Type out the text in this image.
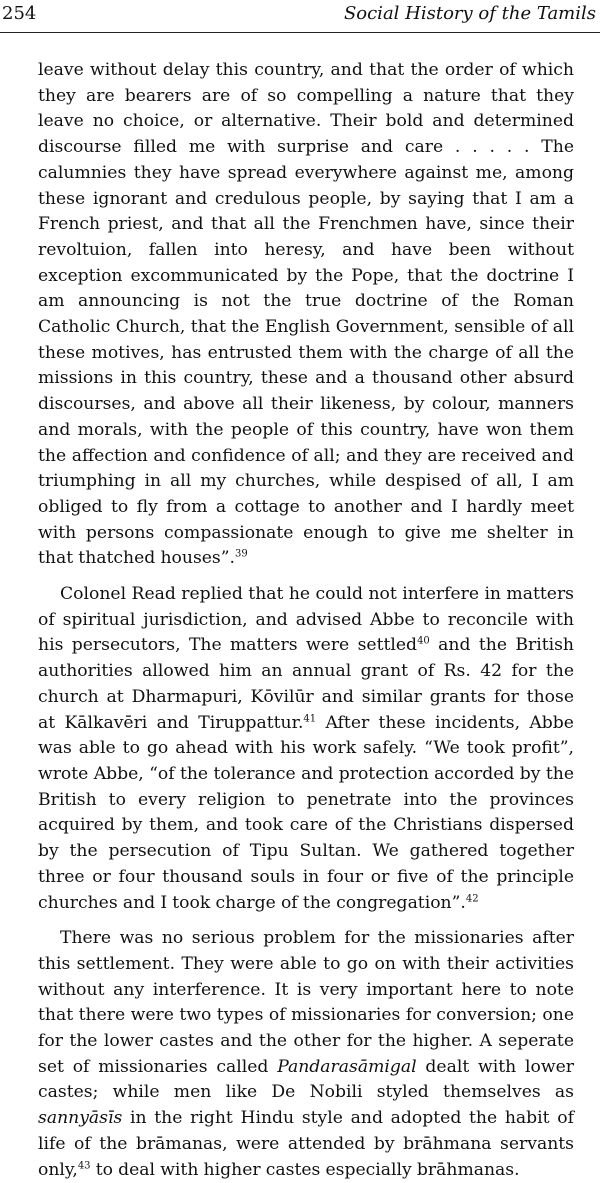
254	Social History of the Tamils

leave without delay this country, and that the order of which they are bearers are of so compelling a nature that they leave no choice, or alternative. Their bold and determined discourse filled me with surprise and care . . . . . The calumnies they have spread everywhere against me, among these ignorant and credulous people, by saying that I am a French priest, and that all the Frenchmen have, since their revoltuion, fallen into heresy, and have been without exception excommunicated by the Pope, that the doctrine I am announcing is not the true doctrine of the Roman Catholic Church, that the English Government, sensible of all these motives, has entrusted them with the charge of all the missions in this country, these and a thousand other absurd discourses, and above all their likeness, by colour, manners and morals, with the people of this country, have won them the affection and confidence of all; and they are received and triumphing in all my churches, while despised of all, I am obliged to fly from a cottage to another and I hardly meet with persons compassionate enough to give me shelter in that thatched houses”.$^{39}$

Colonel Read replied that he could not interfere in matters of spiritual jurisdiction, and advised Abbe to reconcile with his persecutors, The matters were settled$^{40}$ and the British authorities allowed him an annual grant of Rs. 42 for the church at Dharmapuri, Kōvilūr and similar grants for those at Kālkavēri and Tiruppattur.$^{41}$ After these incidents, Abbe was able to go ahead with his work safely. “We took profit”, wrote Abbe, “of the tolerance and protection accorded by the British to every religion to penetrate into the provinces acquired by them, and took care of the Christians dispersed by the persecution of Tipu Sultan. We gathered together three or four thousand souls in four or five of the principle churches and I took charge of the congregation”.$^{42}$

There was no serious problem for the missionaries after this settlement. They were able to go on with their activities without any interference. It is very important here to note that there were two types of missionaries for conversion; one for the lower castes and the other for the higher. A seperate set of missionaries called Pandarasāmigal dealt with lower castes; while men like De Nobili styled themselves as sannyāsīs in the right Hindu style and adopted the habit of life of the brāmanas, were attended by brāhmana servants only,$^{43}$ to deal with higher castes especially brāhmanas.
